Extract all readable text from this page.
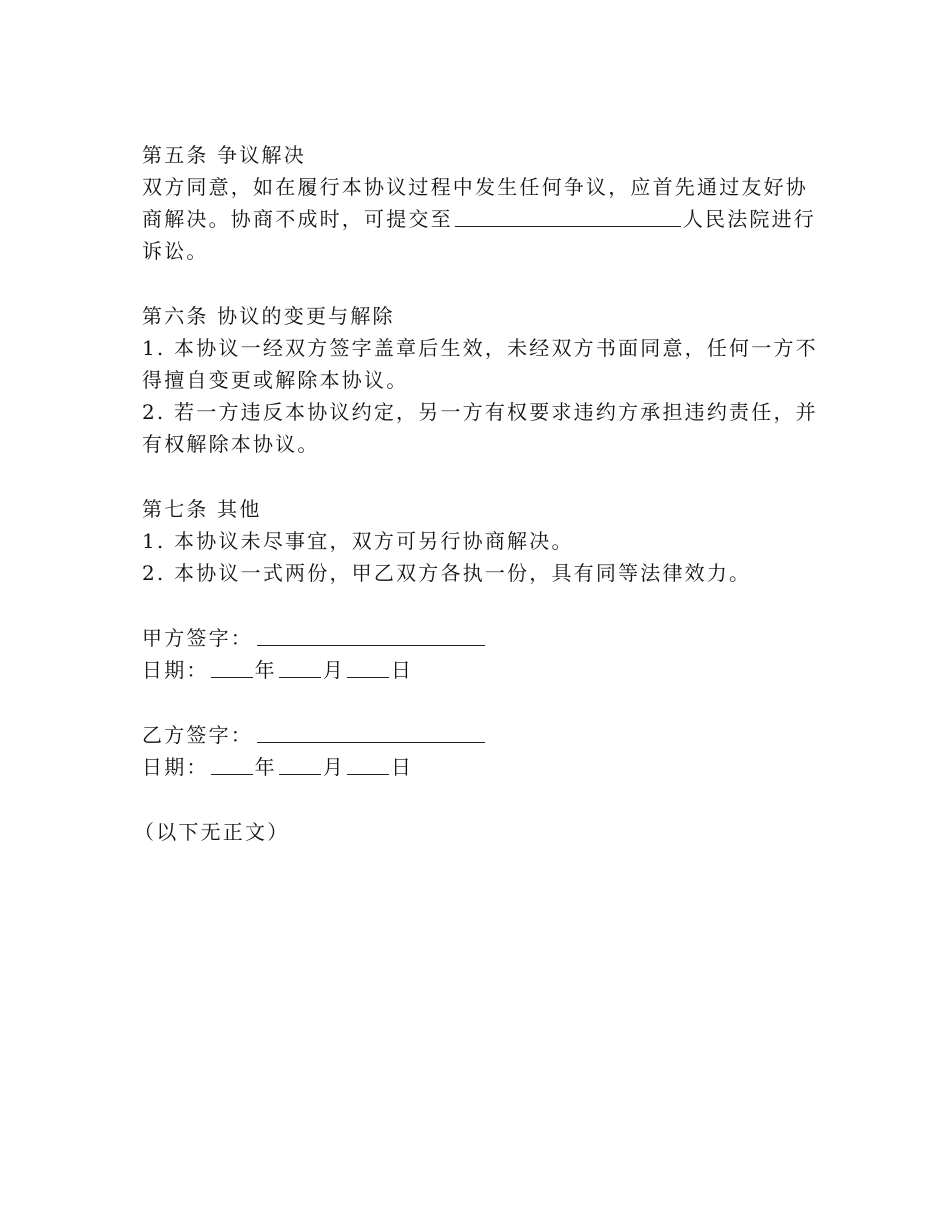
第五条 争议解决
双方同意，如在履行本协议过程中发生任何争议，应首先通过友好协
商解决。协商不成时，可提交至	人民法院进行
诉讼。
第六条 协议的变更与解除
1. 本协议一经双方签字盖章后生效，未经双方书面同意，任何一方不
得擅自变更或解除本协议。
2. 若一方违反本协议约定，另一方有权要求违约方承担违约责任，并
有权解除本协议。
第七条 其他
1. 本协议未尽事宜，双方可另行协商解决。
2. 本协议一式两份，甲乙双方各执一份，具有同等法律效力。
甲方签字：
日期： 年 月 日
乙方签字：
日期： 年 月 日
（以下无正文）
